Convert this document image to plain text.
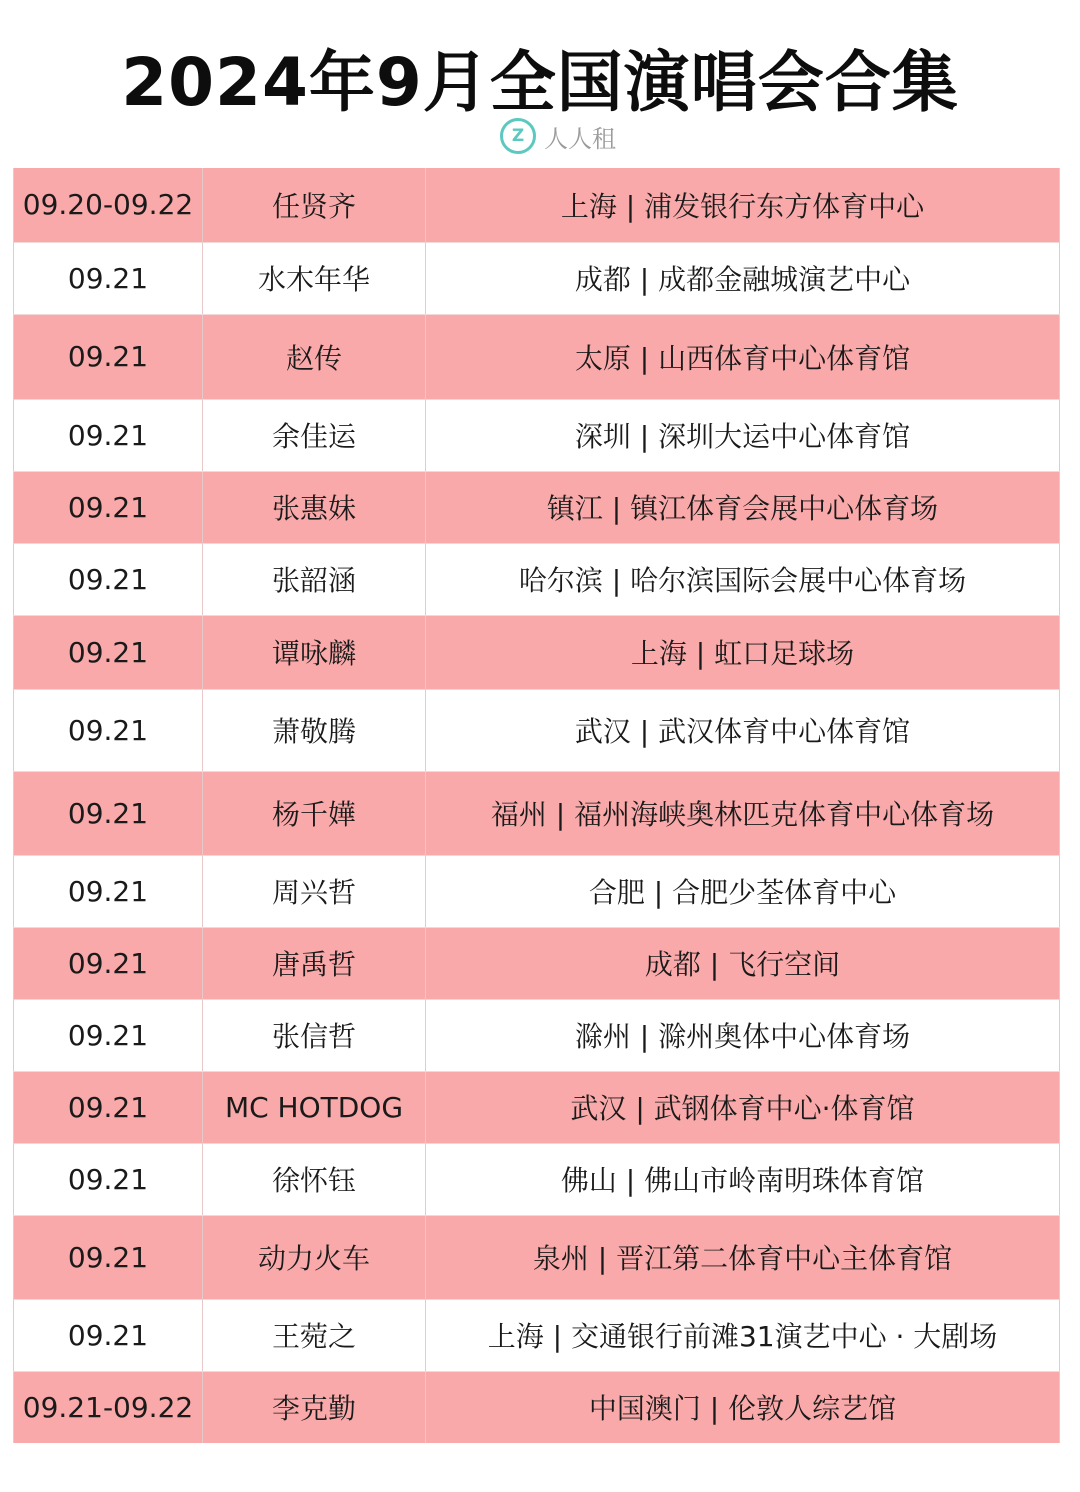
2024年9月全国演唱会合集
Z 人人租
09.20-09.22	任贤齐	上海 | 浦发银行东方体育中心
09.21	水木年华	成都 | 成都金融城演艺中心
09.21	赵传	太原 | 山西体育中心体育馆
09.21	余佳运	深圳 | 深圳大运中心体育馆
09.21	张惠妹	镇江 | 镇江体育会展中心体育场
09.21	张韶涵	哈尔滨 | 哈尔滨国际会展中心体育场
09.21	谭咏麟	上海 | 虹口足球场
09.21	萧敬腾	武汉 | 武汉体育中心体育馆
09.21	杨千嬅	福州 | 福州海峡奥林匹克体育中心体育场
09.21	周兴哲	合肥 | 合肥少荃体育中心
09.21	唐禹哲	成都 | 飞行空间
09.21	张信哲	滁州 | 滁州奥体中心体育场
09.21	MC HOTDOG	武汉 | 武钢体育中心·体育馆
09.21	徐怀钰	佛山 | 佛山市岭南明珠体育馆
09.21	动力火车	泉州 | 晋江第二体育中心主体育馆
09.21	王菀之	上海 | 交通银行前滩31演艺中心 · 大剧场
09.21-09.22	李克勤	中国澳门 | 伦敦人综艺馆
